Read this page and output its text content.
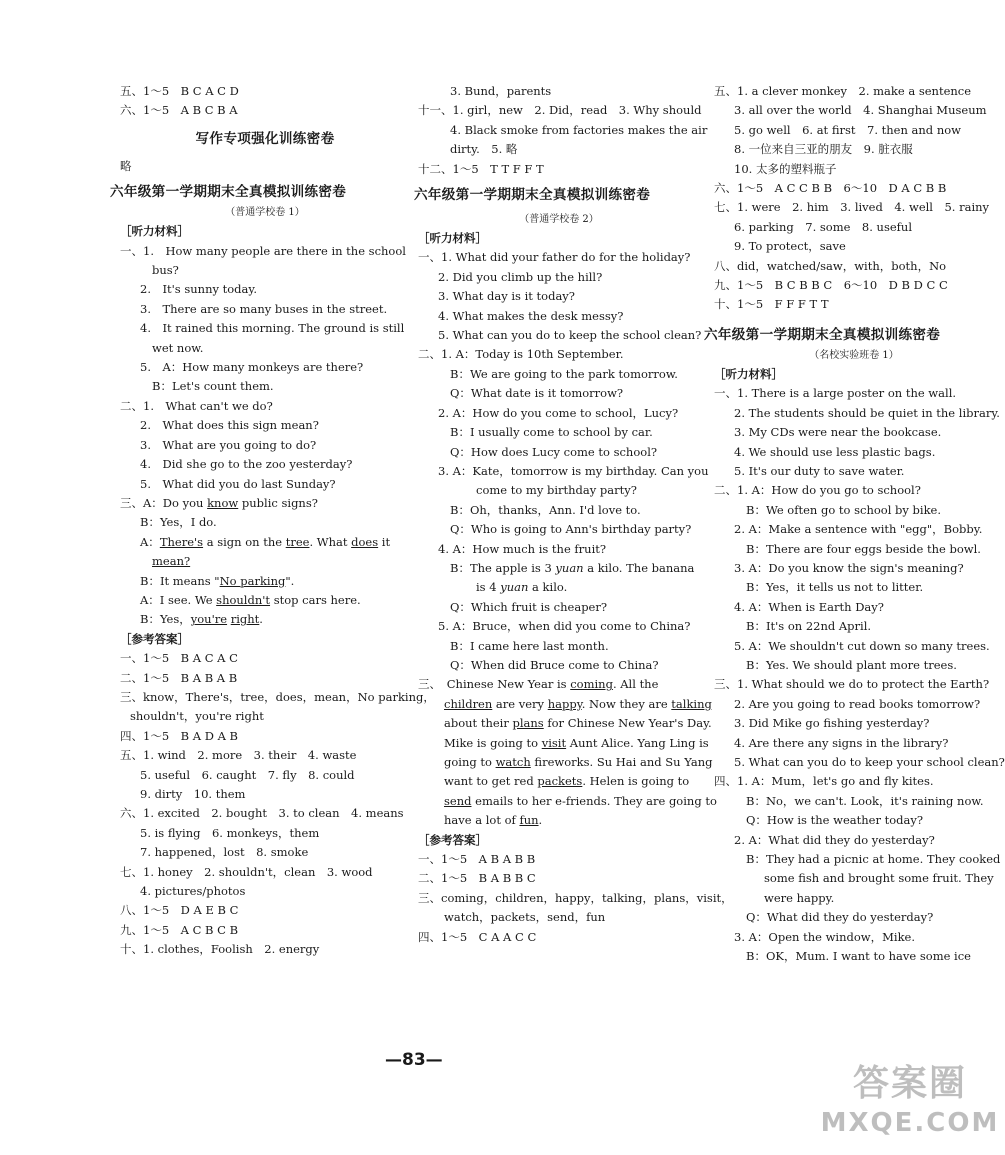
五、1～5　B C A C D
六、1～5　A B C B A
写作专项强化训练密卷
略
六年级第一学期期末全真模拟训练密卷
（普通学校卷 1）
［听力材料］
一、1.　How many people are there in the school
bus?
2.　It's sunny today.
3.　There are so many buses in the street.
4.　It rained this morning. The ground is still
wet now.
5.　A：How many monkeys are there?
B：Let's count them.
二、1.　What can't we do?
2.　What does this sign mean?
3.　What are you going to do?
4.　Did she go to the zoo yesterday?
5.　What did you do last Sunday?
三、A：Do you know public signs?
B：Yes，I do.
A：There's a sign on the tree. What does it
mean?
B：It means "No parking".
A：I see. We shouldn't stop cars here.
B：Yes，you're right.
［参考答案］
一、1～5　B A C A C
二、1～5　B A B A B
三、know，There's，tree，does，mean，No parking，
shouldn't，you're right
四、1～5　B A D A B
五、1. wind　2. more　3. their　4. waste
5. useful　6. caught　7. fly　8. could
9. dirty　10. them
六、1. excited　2. bought　3. to clean　4. means
5. is flying　6. monkeys，them
7. happened，lost　8. smoke
七、1. honey　2. shouldn't，clean　3. wood
4. pictures/photos
八、1～5　D A E B C
九、1～5　A C B C B
十、1. clothes，Foolish　2. energy
3. Bund，parents
十一、1. girl，new　2. Did，read　3. Why should
4. Black smoke from factories makes the air
dirty.　5. 略
十二、1～5　T T F F T
六年级第一学期期末全真模拟训练密卷
（普通学校卷 2）
［听力材料］
一、1. What did your father do for the holiday?
2. Did you climb up the hill?
3. What day is it today?
4. What makes the desk messy?
5. What can you do to keep the school clean?
二、1. A：Today is 10th September.
B：We are going to the park tomorrow.
Q：What date is it tomorrow?
2. A：How do you come to school，Lucy?
B：I usually come to school by car.
Q：How does Lucy come to school?
3. A：Kate，tomorrow is my birthday. Can you
come to my birthday party?
B：Oh，thanks，Ann. I'd love to.
Q：Who is going to Ann's birthday party?
4. A：How much is the fruit?
B：The apple is 3 yuan a kilo. The banana
is 4 yuan a kilo.
Q：Which fruit is cheaper?
5. A：Bruce，when did you come to China?
B：I came here last month.
Q：When did Bruce come to China?
三、　Chinese New Year is coming. All the
children are very happy. Now they are talking
about their plans for Chinese New Year's Day.
Mike is going to visit Aunt Alice. Yang Ling is
going to watch fireworks. Su Hai and Su Yang
want to get red packets. Helen is going to
send emails to her e-friends. They are going to
have a lot of fun.
［参考答案］
一、1～5　A B A B B
二、1～5　B A B B C
三、coming，children，happy，talking，plans，visit，
watch，packets，send，fun
四、1～5　C A A C C
五、1. a clever monkey　2. make a sentence
3. all over the world　4. Shanghai Museum
5. go well　6. at first　7. then and now
8. 一位来自三亚的朋友　9. 脏衣服
10. 太多的塑料瓶子
六、1～5　A C C B B　6～10　D A C B B
七、1. were　2. him　3. lived　4. well　5. rainy
6. parking　7. some　8. useful
9. To protect，save
八、did，watched/saw，with，both，No
九、1～5　B C B B C　6～10　D B D C C
十、1～5　F F F T T
六年级第一学期期末全真模拟训练密卷
（名校实验班卷 1）
［听力材料］
一、1. There is a large poster on the wall.
2. The students should be quiet in the library.
3. My CDs were near the bookcase.
4. We should use less plastic bags.
5. It's our duty to save water.
二、1. A：How do you go to school?
B：We often go to school by bike.
2. A：Make a sentence with "egg"，Bobby.
B：There are four eggs beside the bowl.
3. A：Do you know the sign's meaning?
B：Yes，it tells us not to litter.
4. A：When is Earth Day?
B：It's on 22nd April.
5. A：We shouldn't cut down so many trees.
B：Yes. We should plant more trees.
三、1. What should we do to protect the Earth?
2. Are you going to read books tomorrow?
3. Did Mike go fishing yesterday?
4. Are there any signs in the library?
5. What can you do to keep your school clean?
四、1. A：Mum，let's go and fly kites.
B：No，we can't. Look，it's raining now.
Q：How is the weather today?
2. A：What did they do yesterday?
B：They had a picnic at home. They cooked
some fish and brought some fruit. They
were happy.
Q：What did they do yesterday?
3. A：Open the window，Mike.
B：OK，Mum. I want to have some ice
—83—
答案圈
MXQE.COM
